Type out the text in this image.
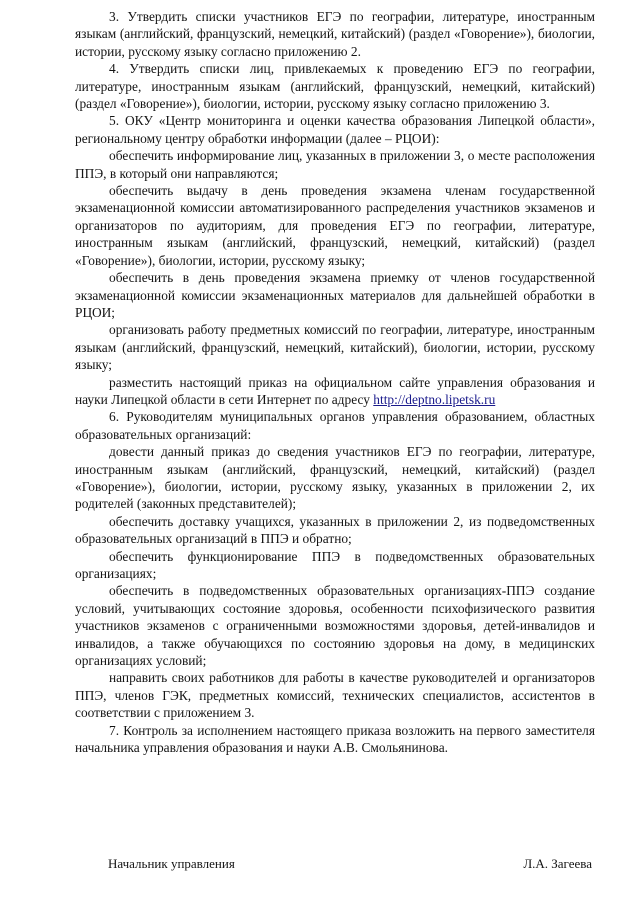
3. Утвердить списки участников ЕГЭ по географии, литературе, иностранным языкам (английский, французский, немецкий, китайский) (раздел «Говорение»), биологии, истории, русскому языку согласно приложению 2.

4. Утвердить списки лиц, привлекаемых к проведению ЕГЭ по географии, литературе, иностранным языкам (английский, французский, немецкий, китайский) (раздел «Говорение»), биологии, истории, русскому языку согласно приложению 3.

5. ОКУ «Центр мониторинга и оценки качества образования Липецкой области», региональному центру обработки информации (далее – РЦОИ):

обеспечить информирование лиц, указанных в приложении 3, о месте расположения ППЭ, в который они направляются;

обеспечить выдачу в день проведения экзамена членам государственной экзаменационной комиссии автоматизированного распределения участников экзаменов и организаторов по аудиториям, для проведения ЕГЭ по географии, литературе, иностранным языкам (английский, французский, немецкий, китайский) (раздел «Говорение»), биологии, истории, русскому языку;

обеспечить в день проведения экзамена приемку от членов государственной экзаменационной комиссии экзаменационных материалов для дальнейшей обработки в РЦОИ;

организовать работу предметных комиссий по географии, литературе, иностранным языкам (английский, французский, немецкий, китайский), биологии, истории, русскому языку;

разместить настоящий приказ на официальном сайте управления образования и науки Липецкой области в сети Интернет по адресу http://deptno.lipetsk.ru

6. Руководителям муниципальных органов управления образованием, областных образовательных организаций:

довести данный приказ до сведения участников ЕГЭ по географии, литературе, иностранным языкам (английский, французский, немецкий, китайский) (раздел «Говорение»), биологии, истории, русскому языку, указанных в приложении 2, их родителей (законных представителей);

обеспечить доставку учащихся, указанных в приложении 2, из подведомственных образовательных организаций в ППЭ и обратно;

обеспечить функционирование ППЭ в подведомственных образовательных организациях;

обеспечить в подведомственных образовательных организациях-ППЭ создание условий, учитывающих состояние здоровья, особенности психофизического развития участников экзаменов с ограниченными возможностями здоровья, детей-инвалидов и инвалидов, а также обучающихся по состоянию здоровья на дому, в медицинских организациях условий;

направить своих работников для работы в качестве руководителей и организаторов ППЭ, членов ГЭК, предметных комиссий, технических специалистов, ассистентов в соответствии с приложением 3.

7. Контроль за исполнением настоящего приказа возложить на первого заместителя начальника управления образования и науки А.В. Смольянинова.

Начальник управления	Л.А. Загеева
